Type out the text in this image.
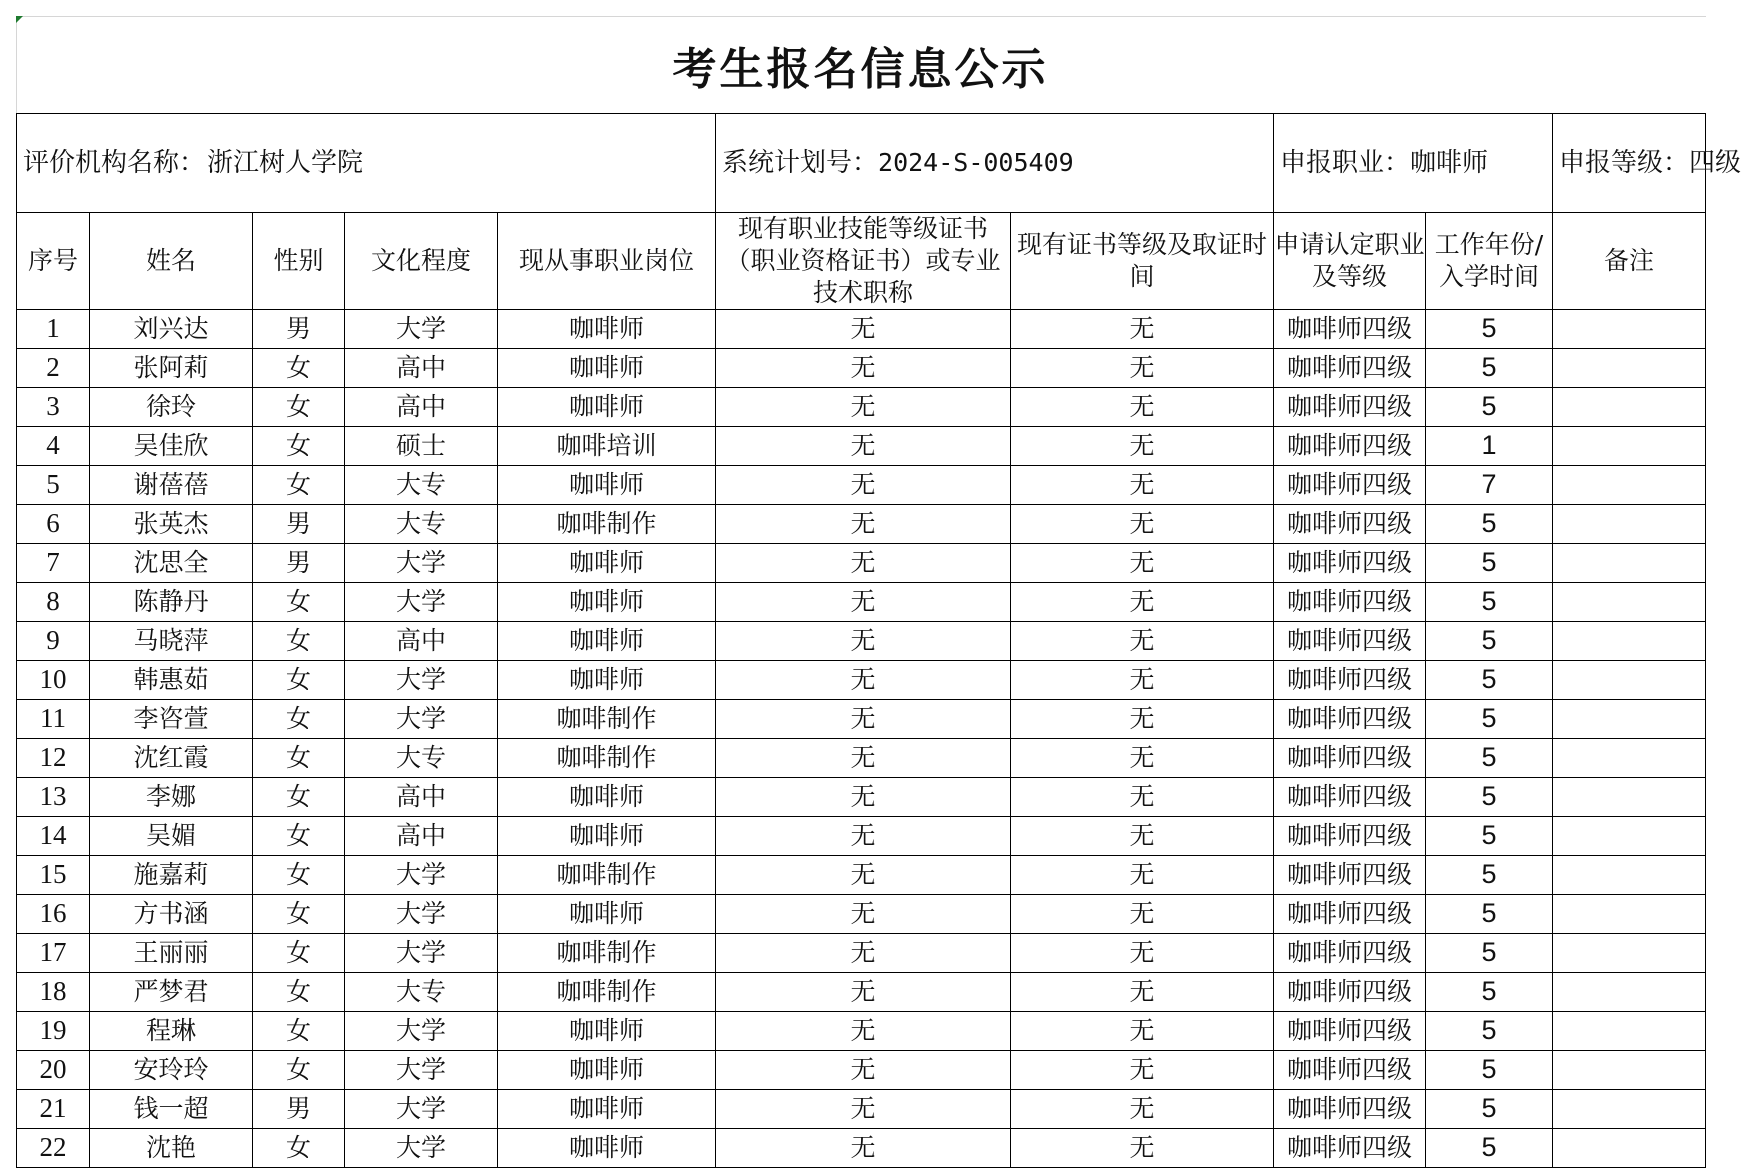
考生报名信息公示
评价机构名称：浙江树人学院					系统计划号：2024-S-005409		申报职业：咖啡师		申报等级：四级
序号	姓名	性别	文化程度	现从事职业岗位	现有职业技能等级证书（职业资格证书）或专业技术职称	现有证书等级及取证时间	申请认定职业及等级	工作年份/入学时间	备注
1	刘兴达	男	大学	咖啡师	无	无	咖啡师四级	5	
2	张阿莉	女	高中	咖啡师	无	无	咖啡师四级	5	
3	徐玲	女	高中	咖啡师	无	无	咖啡师四级	5	
4	吴佳欣	女	硕士	咖啡培训	无	无	咖啡师四级	1	
5	谢蓓蓓	女	大专	咖啡师	无	无	咖啡师四级	7	
6	张英杰	男	大专	咖啡制作	无	无	咖啡师四级	5	
7	沈思全	男	大学	咖啡师	无	无	咖啡师四级	5	
8	陈静丹	女	大学	咖啡师	无	无	咖啡师四级	5	
9	马晓萍	女	高中	咖啡师	无	无	咖啡师四级	5	
10	韩惠茹	女	大学	咖啡师	无	无	咖啡师四级	5	
11	李咨萱	女	大学	咖啡制作	无	无	咖啡师四级	5	
12	沈红霞	女	大专	咖啡制作	无	无	咖啡师四级	5	
13	李娜	女	高中	咖啡师	无	无	咖啡师四级	5	
14	吴媚	女	高中	咖啡师	无	无	咖啡师四级	5	
15	施嘉莉	女	大学	咖啡制作	无	无	咖啡师四级	5	
16	方书涵	女	大学	咖啡师	无	无	咖啡师四级	5	
17	王丽丽	女	大学	咖啡制作	无	无	咖啡师四级	5	
18	严梦君	女	大专	咖啡制作	无	无	咖啡师四级	5	
19	程琳	女	大学	咖啡师	无	无	咖啡师四级	5	
20	安玲玲	女	大学	咖啡师	无	无	咖啡师四级	5	
21	钱一超	男	大学	咖啡师	无	无	咖啡师四级	5	
22	沈艳	女	大学	咖啡师	无	无	咖啡师四级	5	
